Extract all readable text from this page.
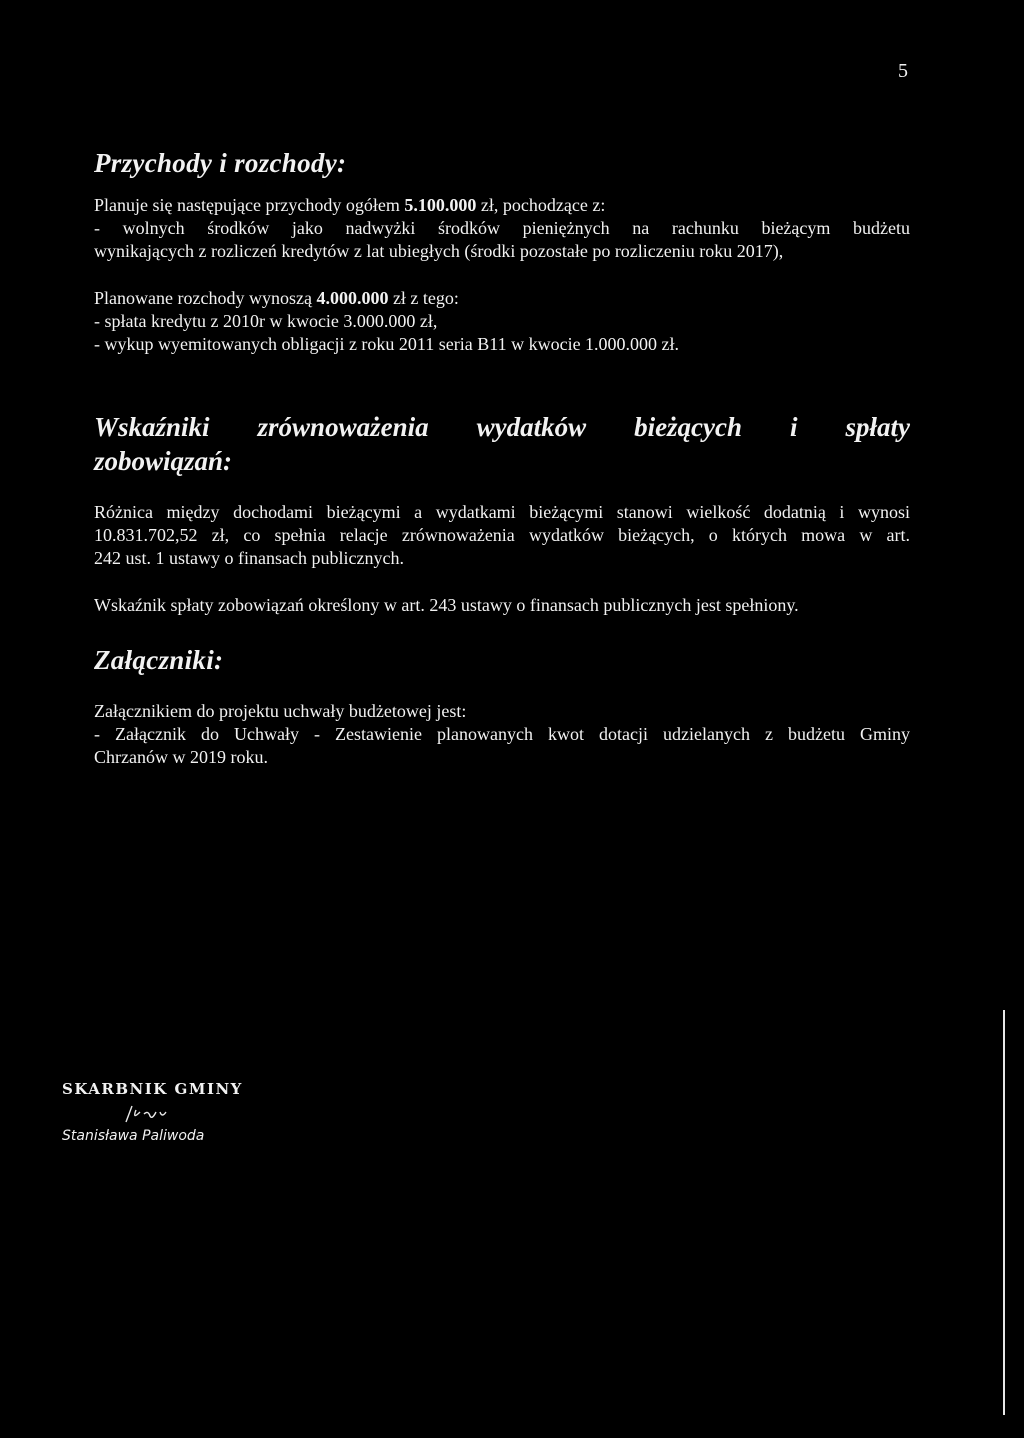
5
Przychody i rozchody:
Planuje się następujące przychody ogółem 5.100.000 zł, pochodzące z:
- wolnych środków jako nadwyżki środków pieniężnych na rachunku bieżącym budżetu
wynikających z rozliczeń kredytów z lat ubiegłych (środki pozostałe po rozliczeniu roku 2017),
Planowane rozchody wynoszą 4.000.000 zł z tego:
- spłata kredytu z 2010r w kwocie 3.000.000 zł,
- wykup wyemitowanych obligacji z roku 2011 seria B11 w kwocie 1.000.000 zł.
Wskaźniki zrównoważenia wydatków bieżących i spłaty
zobowiązań:
Różnica między dochodami bieżącymi a wydatkami bieżącymi stanowi wielkość dodatnią i wynosi
10.831.702,52 zł, co spełnia relacje zrównoważenia wydatków bieżących, o których mowa w art.
242 ust. 1 ustawy o finansach publicznych.
Wskaźnik spłaty zobowiązań określony w art. 243 ustawy o finansach publicznych jest spełniony.
Załączniki:
Załącznikiem do projektu uchwały budżetowej jest:
- Załącznik do Uchwały - Zestawienie planowanych kwot dotacji udzielanych z budżetu Gminy
Chrzanów w 2019 roku.
SKARBNIK GMINY
Stanisława Paliwoda
